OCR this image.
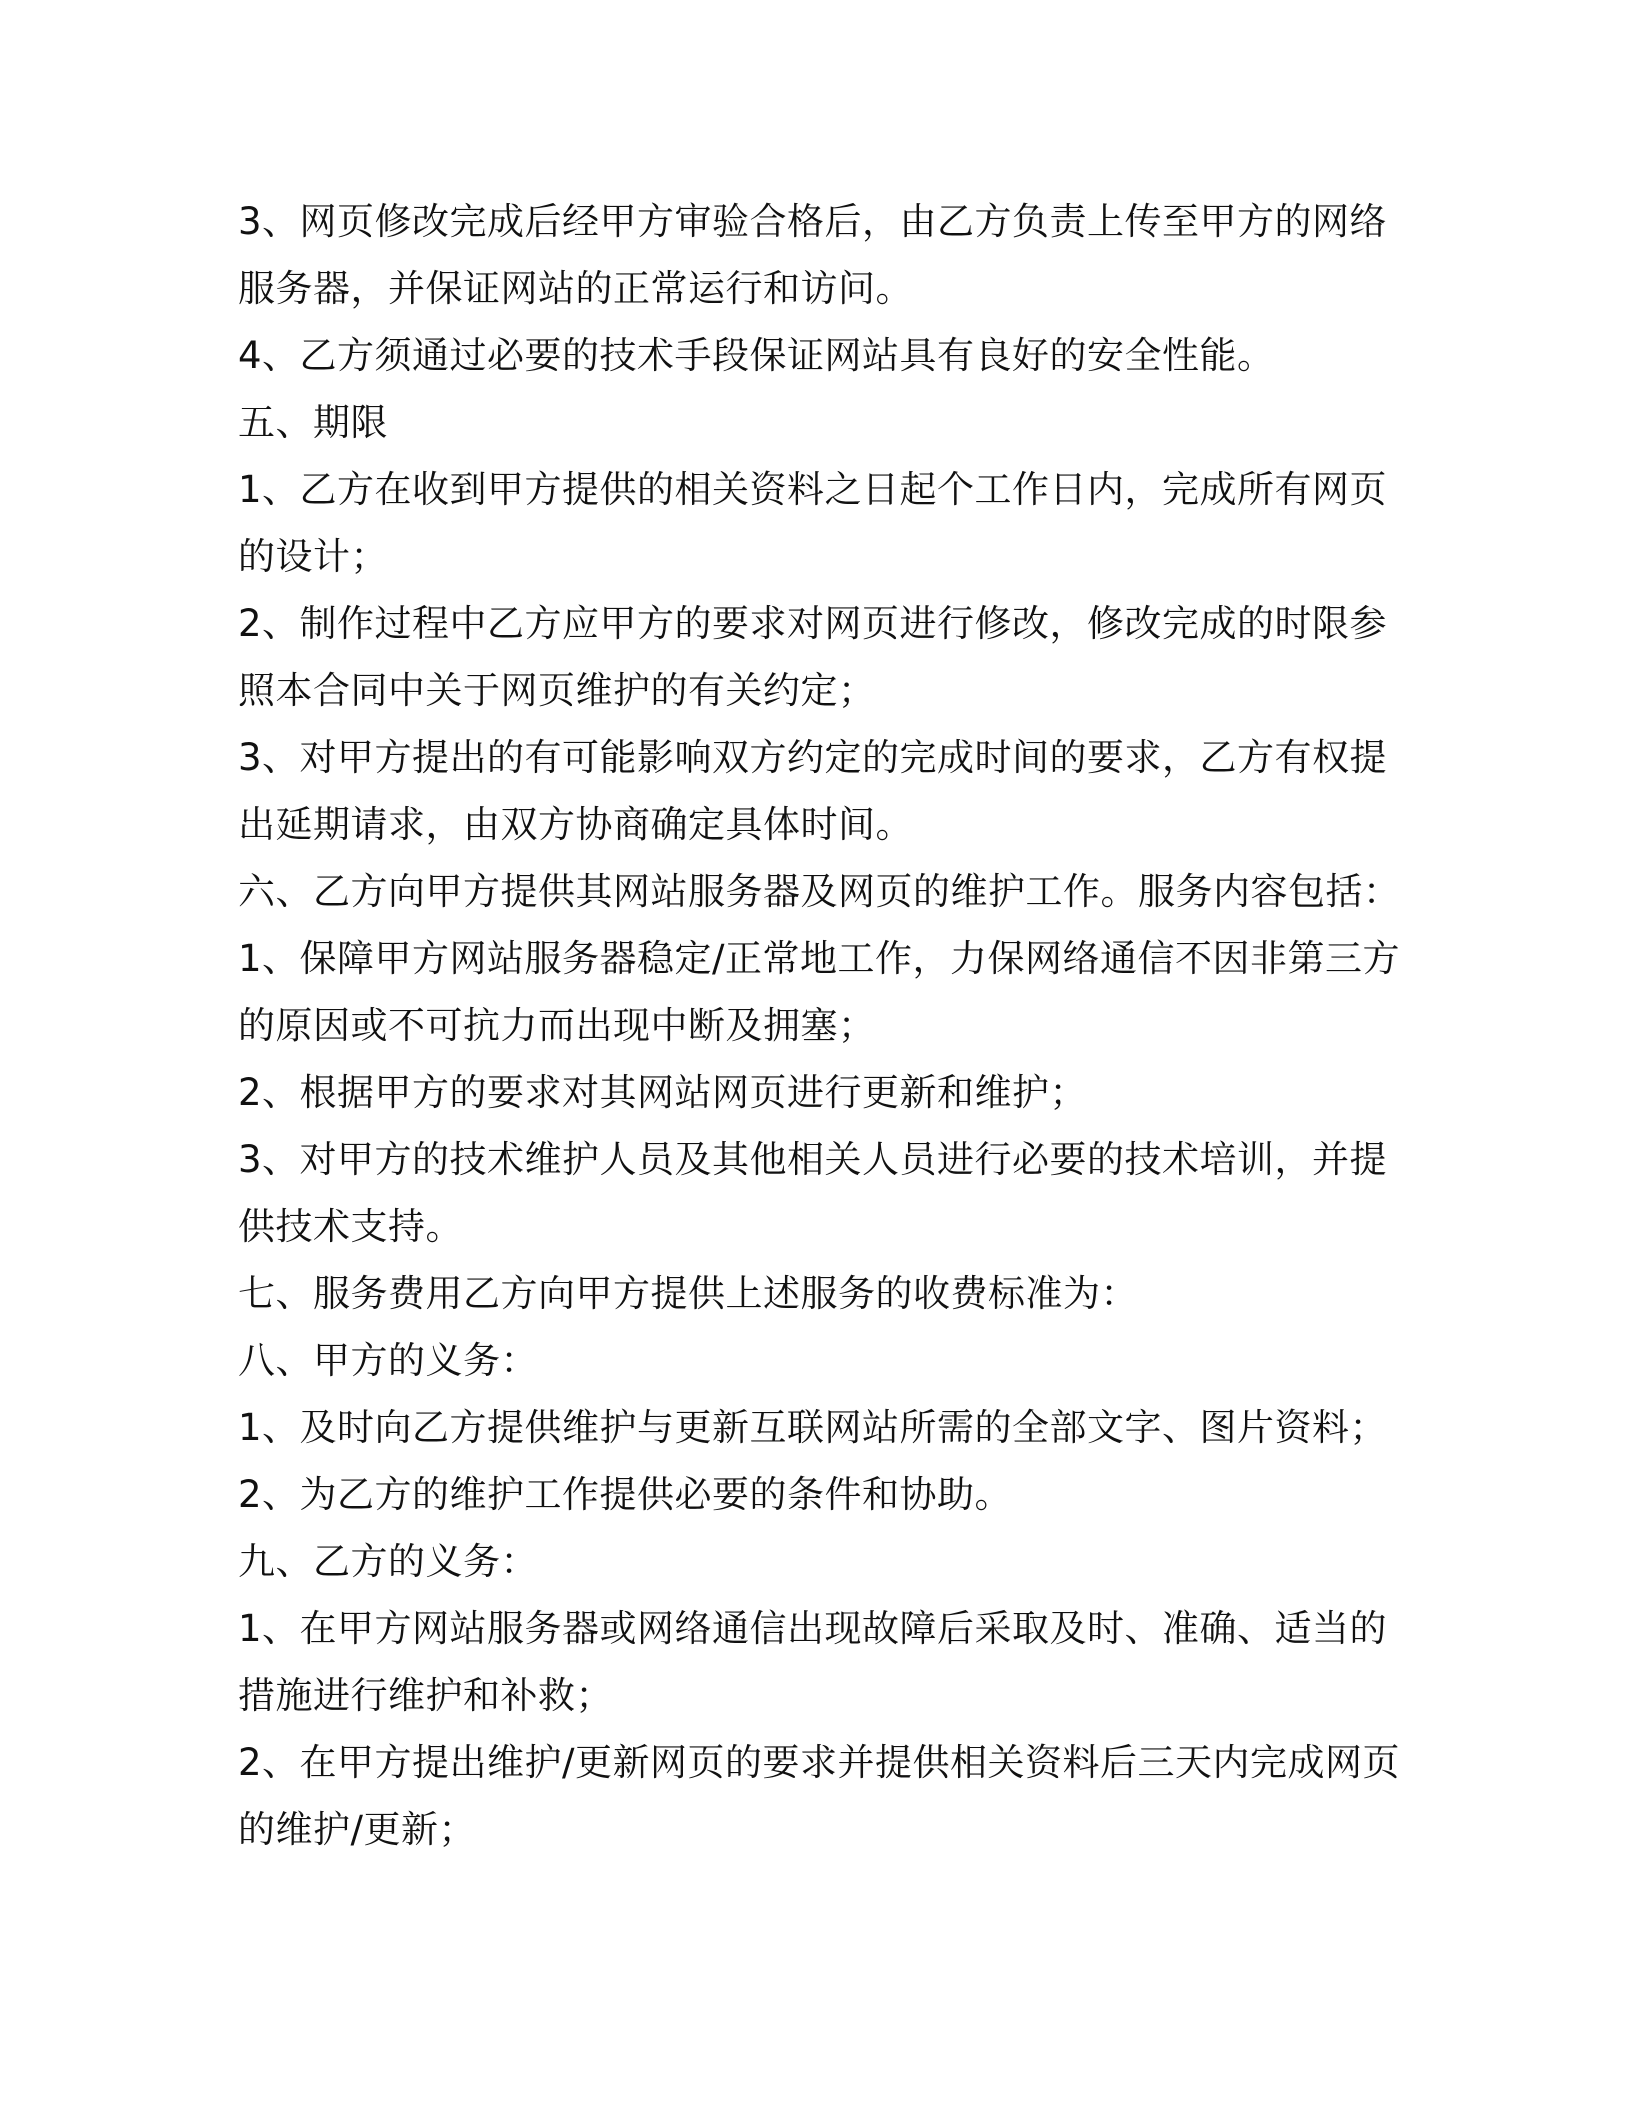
3、网页修改完成后经甲方审验合格后，由乙方负责上传至甲方的网络

服务器，并保证网站的正常运行和访问。

4、乙方须通过必要的技术手段保证网站具有良好的安全性能。

五、期限

1、乙方在收到甲方提供的相关资料之日起个工作日内，完成所有网页

的设计；

2、制作过程中乙方应甲方的要求对网页进行修改，修改完成的时限参

照本合同中关于网页维护的有关约定；

3、对甲方提出的有可能影响双方约定的完成时间的要求，乙方有权提

出延期请求，由双方协商确定具体时间。

六、乙方向甲方提供其网站服务器及网页的维护工作。服务内容包括：

1、保障甲方网站服务器稳定/正常地工作，力保网络通信不因非第三方

的原因或不可抗力而出现中断及拥塞；

2、根据甲方的要求对其网站网页进行更新和维护；

3、对甲方的技术维护人员及其他相关人员进行必要的技术培训，并提

供技术支持。

七、服务费用乙方向甲方提供上述服务的收费标准为：

八、甲方的义务：

1、及时向乙方提供维护与更新互联网站所需的全部文字、图片资料；

2、为乙方的维护工作提供必要的条件和协助。

九、乙方的义务：

1、在甲方网站服务器或网络通信出现故障后采取及时、准确、适当的

措施进行维护和补救；

2、在甲方提出维护/更新网页的要求并提供相关资料后三天内完成网页

的维护/更新；
